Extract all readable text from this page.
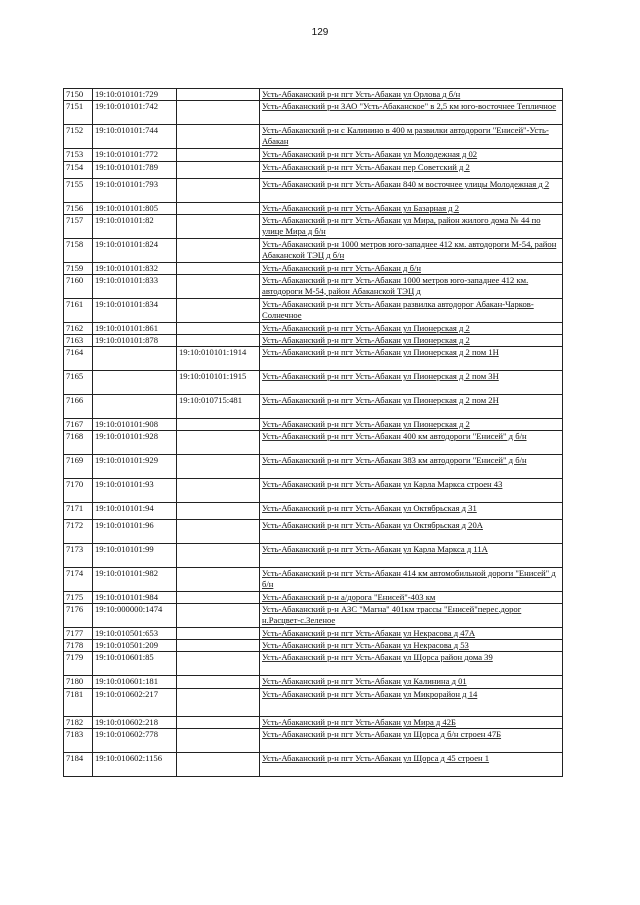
129
7150	19:10:010101:729		Усть-Абаканский р-н пгт Усть-Абакан ул Орлова д б/н
7151	19:10:010101:742		Усть-Абаканский р-н ЗАО "Усть-Абаканское" в 2,5 км юго-восточнее Тепличное
7152	19:10:010101:744		Усть-Абаканский р-н с Калинино в 400 м развилки автодороги "Енисей"-Усть-Абакан
7153	19:10:010101:772		Усть-Абаканский р-н пгт Усть-Абакан ул Молодежная д 02
7154	19:10:010101:789		Усть-Абаканский р-н пгт Усть-Абакан пер Советский д 2
7155	19:10:010101:793		Усть-Абаканский р-н пгт Усть-Абакан 840 м восточнее улицы Молодежная д 2
7156	19:10:010101:805		Усть-Абаканский р-н пгт Усть-Абакан ул Базарная д 2
7157	19:10:010101:82		Усть-Абаканский р-н пгт Усть-Абакан ул Мира, район жилого дома № 44 по улице Мира д б/н
7158	19:10:010101:824		Усть-Абаканский р-н 1000 метров юго-западнее 412 км. автодороги М-54, район Абаканской ТЭЦ д б/н
7159	19:10:010101:832		Усть-Абаканский р-н пгт Усть-Абакан д б/н
7160	19:10:010101:833		Усть-Абаканский р-н пгт Усть-Абакан 1000 метров юго-западнее 412 км. автодороги М-54, район Абаканской ТЭЦ д
7161	19:10:010101:834		Усть-Абаканский р-н пгт Усть-Абакан развилка автодорог Абакан-Чарков-Солнечное
7162	19:10:010101:861		Усть-Абаканский р-н пгт Усть-Абакан ул Пионерская д 2
7163	19:10:010101:878		Усть-Абаканский р-н пгт Усть-Абакан ул Пионерская д 2
7164		19:10:010101:1914	Усть-Абаканский р-н пгт Усть-Абакан ул Пионерская д 2 пом 1Н
7165		19:10:010101:1915	Усть-Абаканский р-н пгт Усть-Абакан ул Пионерская д 2 пом 3Н
7166		19:10:010715:481	Усть-Абаканский р-н пгт Усть-Абакан ул Пионерская д 2 пом 2Н
7167	19:10:010101:908		Усть-Абаканский р-н пгт Усть-Абакан ул Пионерская д 2
7168	19:10:010101:928		Усть-Абаканский р-н пгт Усть-Абакан 400 км автодороги "Енисей" д б/н
7169	19:10:010101:929		Усть-Абаканский р-н пгт Усть-Абакан 383 км автодороги "Енисей" д б/н
7170	19:10:010101:93		Усть-Абаканский р-н пгт Усть-Абакан ул Карла Маркса строен 43
7171	19:10:010101:94		Усть-Абаканский р-н пгт Усть-Абакан ул Октябрьская д 31
7172	19:10:010101:96		Усть-Абаканский р-н пгт Усть-Абакан ул Октябрьская д 20А
7173	19:10:010101:99		Усть-Абаканский р-н пгт Усть-Абакан ул Карла Маркса д 11А
7174	19:10:010101:982		Усть-Абаканский р-н пгт Усть-Абакан 414 км автомобильной дороги "Енисей" д б/н
7175	19:10:010101:984		Усть-Абаканский р-н а/дорога "Енисей"-403 км
7176	19:10:000000:1474		Усть-Абаканский р-н АЗС "Магна" 401км трассы "Енисей"перес.дорог н.Расцвет-с.Зеленое
7177	19:10:010501:653		Усть-Абаканский р-н пгт Усть-Абакан ул Некрасова д 47А
7178	19:10:010501:209		Усть-Абаканский р-н пгт Усть-Абакан ул Некрасова д 53
7179	19:10:010601:85		Усть-Абаканский р-н пгт Усть-Абакан ул Щорса район дома 39
7180	19:10:010601:181		Усть-Абаканский р-н пгт Усть-Абакан ул Калинина д 01
7181	19:10:010602:217		Усть-Абаканский р-н пгт Усть-Абакан ул Микрорайон д 14
7182	19:10:010602:218		Усть-Абаканский р-н пгт Усть-Абакан ул Мира д 42Б
7183	19:10:010602:778		Усть-Абаканский р-н пгт Усть-Абакан ул Щорса д б/н строен 47Б
7184	19:10:010602:1156		Усть-Абаканский р-н пгт Усть-Абакан ул Щорса д 45 строен 1
